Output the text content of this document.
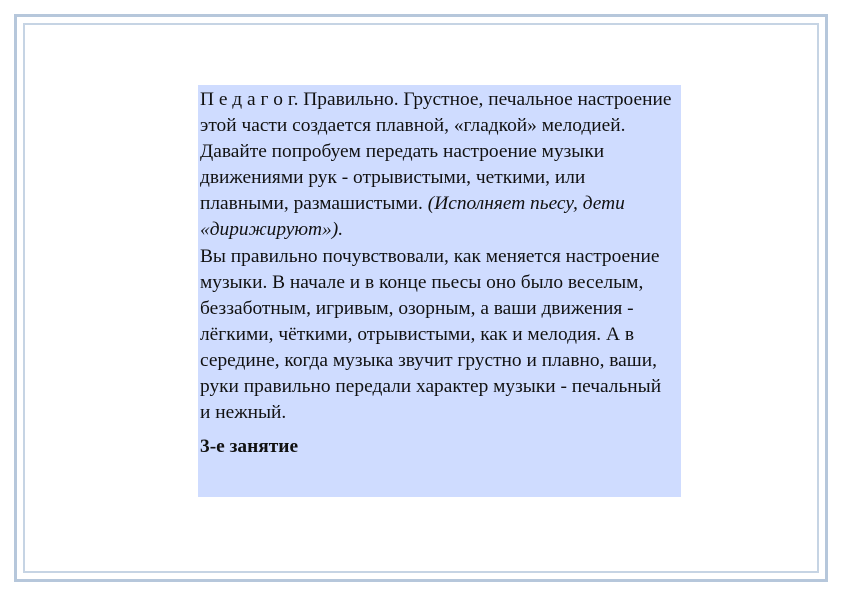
П е д а г о г. Правильно. Грустное, печальное настроение этой части создается плавной, «гладкой» мелодией. Давайте попробуем передать настроение музыки движениями рук - отрывистыми, четкими, или плавными, размашистыми. (Исполняет пьесу, дети «дирижируют»).

Вы правильно почувствовали, как меняется настроение музыки. В начале и в конце пьесы оно было веселым, беззаботным, игривым, озорным, а ваши движения - лёгкими, чёткими, отрывистыми, как и мелодия. А в середине, когда музыка звучит грустно и плавно, ваши, руки правильно передали характер музыки - печальный и нежный.

3-е занятие
